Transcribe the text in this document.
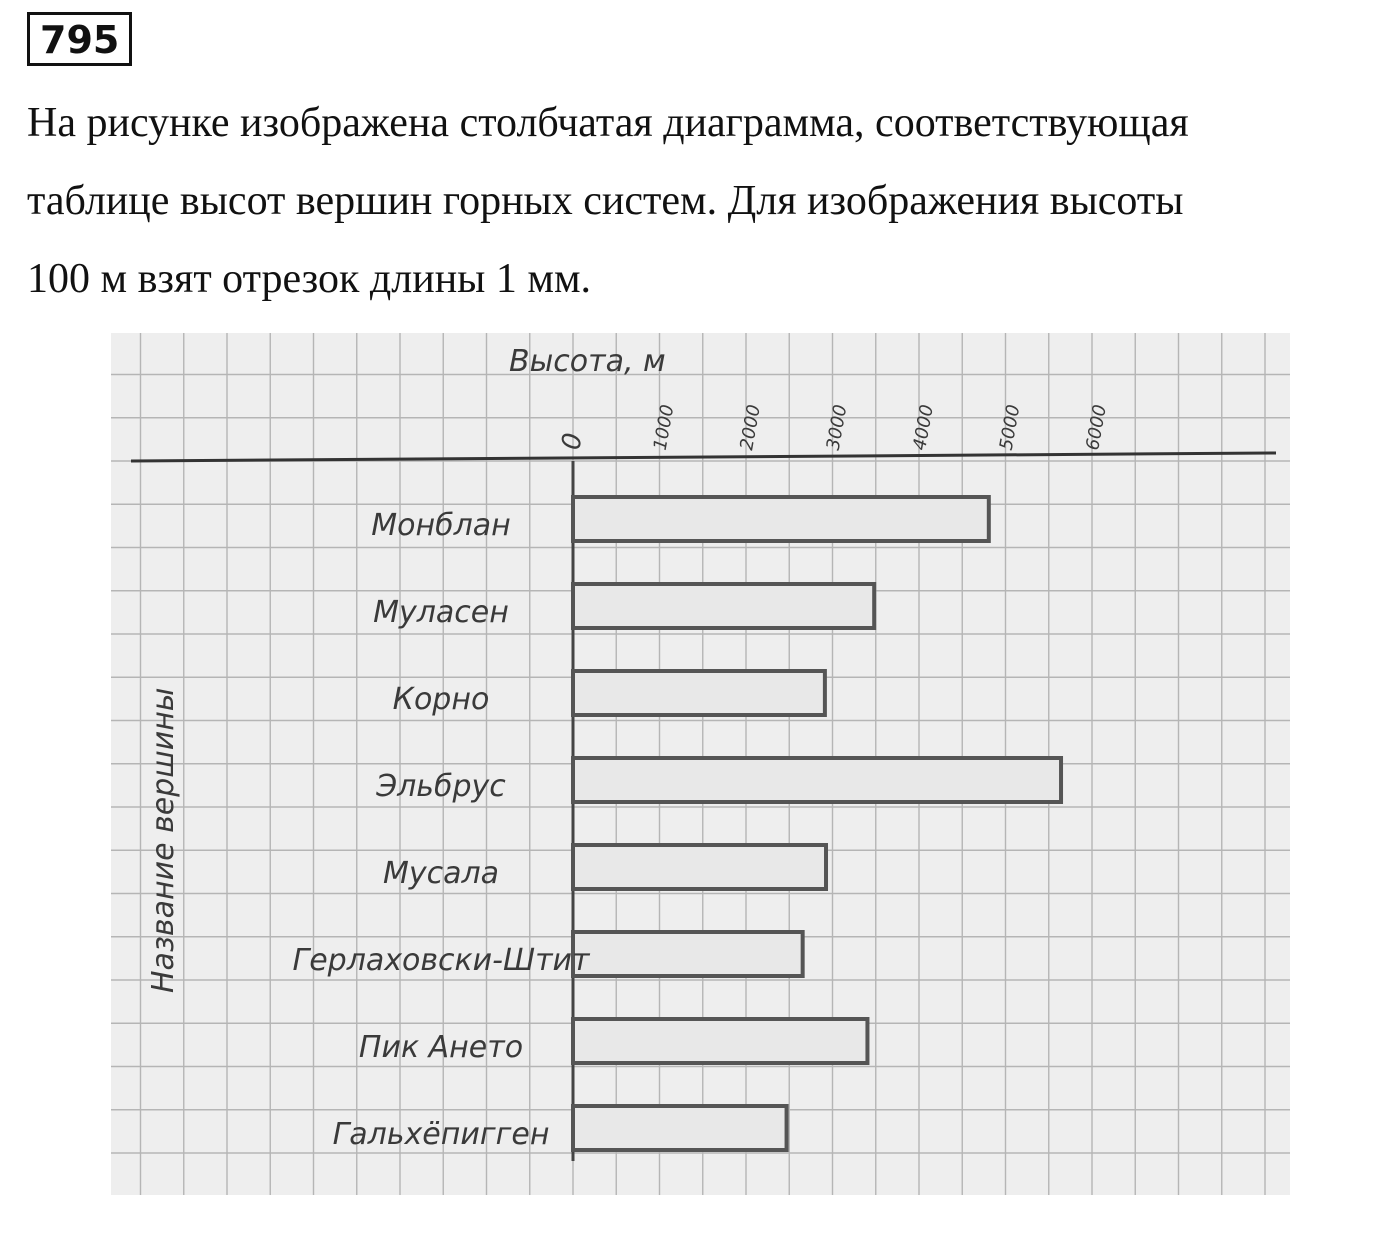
795

На рисунке изображена столбчатая диаграмма, соответствующая
таблице высот вершин горных систем. Для изображения высоты
100 м взят отрезок длины 1 мм.

Высота, м
Название вершины
0	1000	2000	3000	4000	5000	6000
Монблан
Муласен
Корно
Эльбрус
Мусала
Герлаховски-Штит
Пик Ането
Гальхёпигген
